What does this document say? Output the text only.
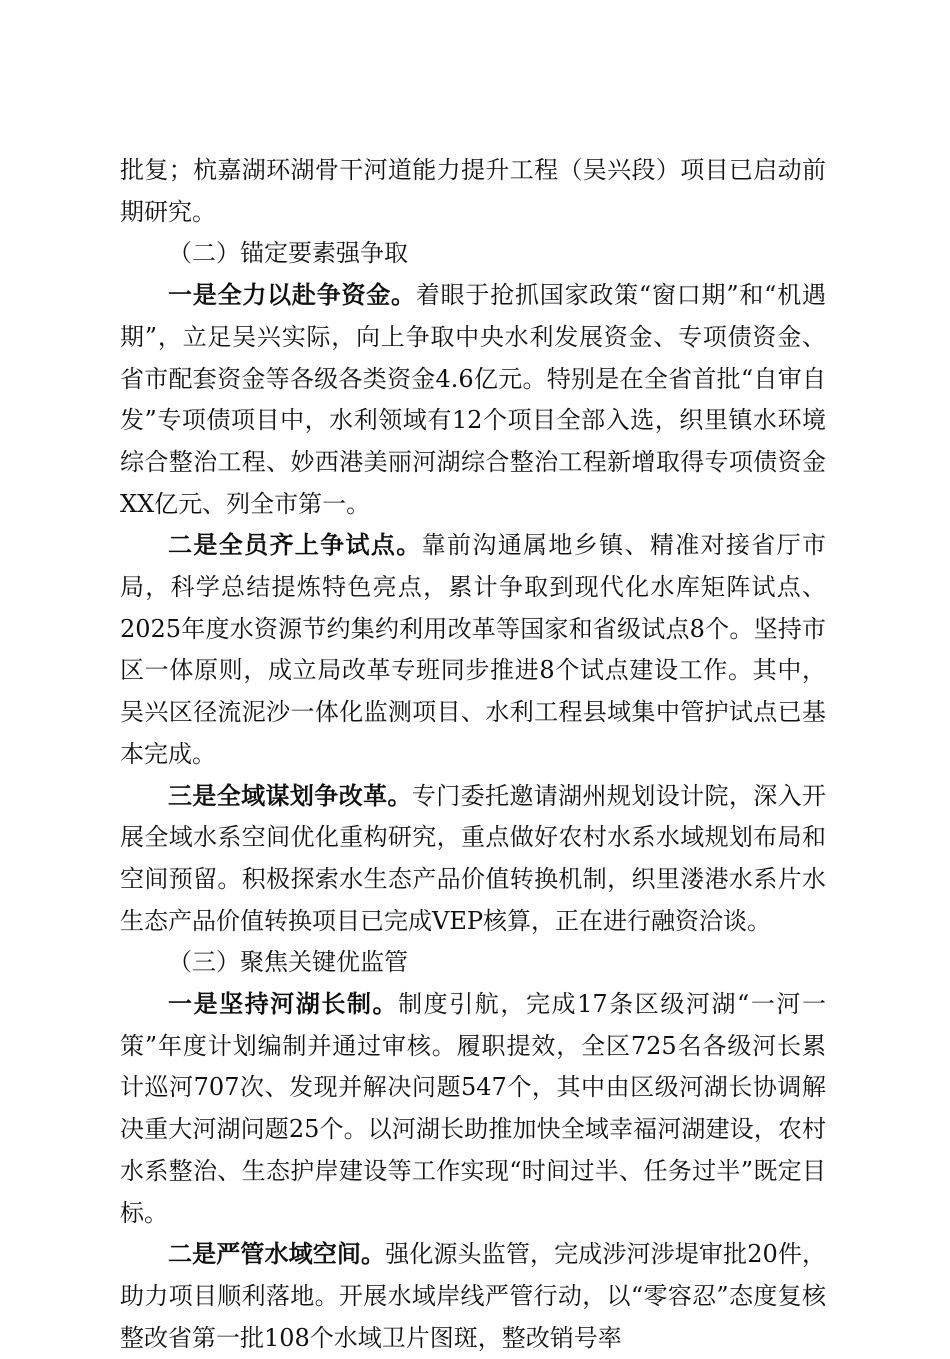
批复；杭嘉湖环湖骨干河道能力提升工程（吴兴段）项目已启动前期研究。

（二）锚定要素强争取

一是全力以赴争资金。着眼于抢抓国家政策“窗口期”和“机遇期”，立足吴兴实际，向上争取中央水利发展资金、专项债资金、省市配套资金等各级各类资金4.6亿元。特别是在全省首批“自审自发”专项债项目中，水利领域有12个项目全部入选，织里镇水环境综合整治工程、妙西港美丽河湖综合整治工程新增取得专项债资金XX亿元、列全市第一。

二是全员齐上争试点。靠前沟通属地乡镇、精准对接省厅市局，科学总结提炼特色亮点，累计争取到现代化水库矩阵试点、2025年度水资源节约集约利用改革等国家和省级试点8个。坚持市区一体原则，成立局改革专班同步推进8个试点建设工作。其中，吴兴区径流泥沙一体化监测项目、水利工程县域集中管护试点已基本完成。

三是全域谋划争改革。专门委托邀请湖州规划设计院，深入开展全域水系空间优化重构研究，重点做好农村水系水域规划布局和空间预留。积极探索水生态产品价值转换机制，织里溇港水系片水生态产品价值转换项目已完成VEP核算，正在进行融资洽谈。

（三）聚焦关键优监管

一是坚持河湖长制。制度引航，完成17条区级河湖“一河一策”年度计划编制并通过审核。履职提效，全区725名各级河长累计巡河707次、发现并解决问题547个，其中由区级河湖长协调解决重大河湖问题25个。以河湖长助推加快全域幸福河湖建设，农村水系整治、生态护岸建设等工作实现“时间过半、任务过半”既定目标。

二是严管水域空间。强化源头监管，完成涉河涉堤审批20件，助力项目顺利落地。开展水域岸线严管行动，以“零容忍”态度复核整改省第一批108个水域卫片图斑，整改销号率
